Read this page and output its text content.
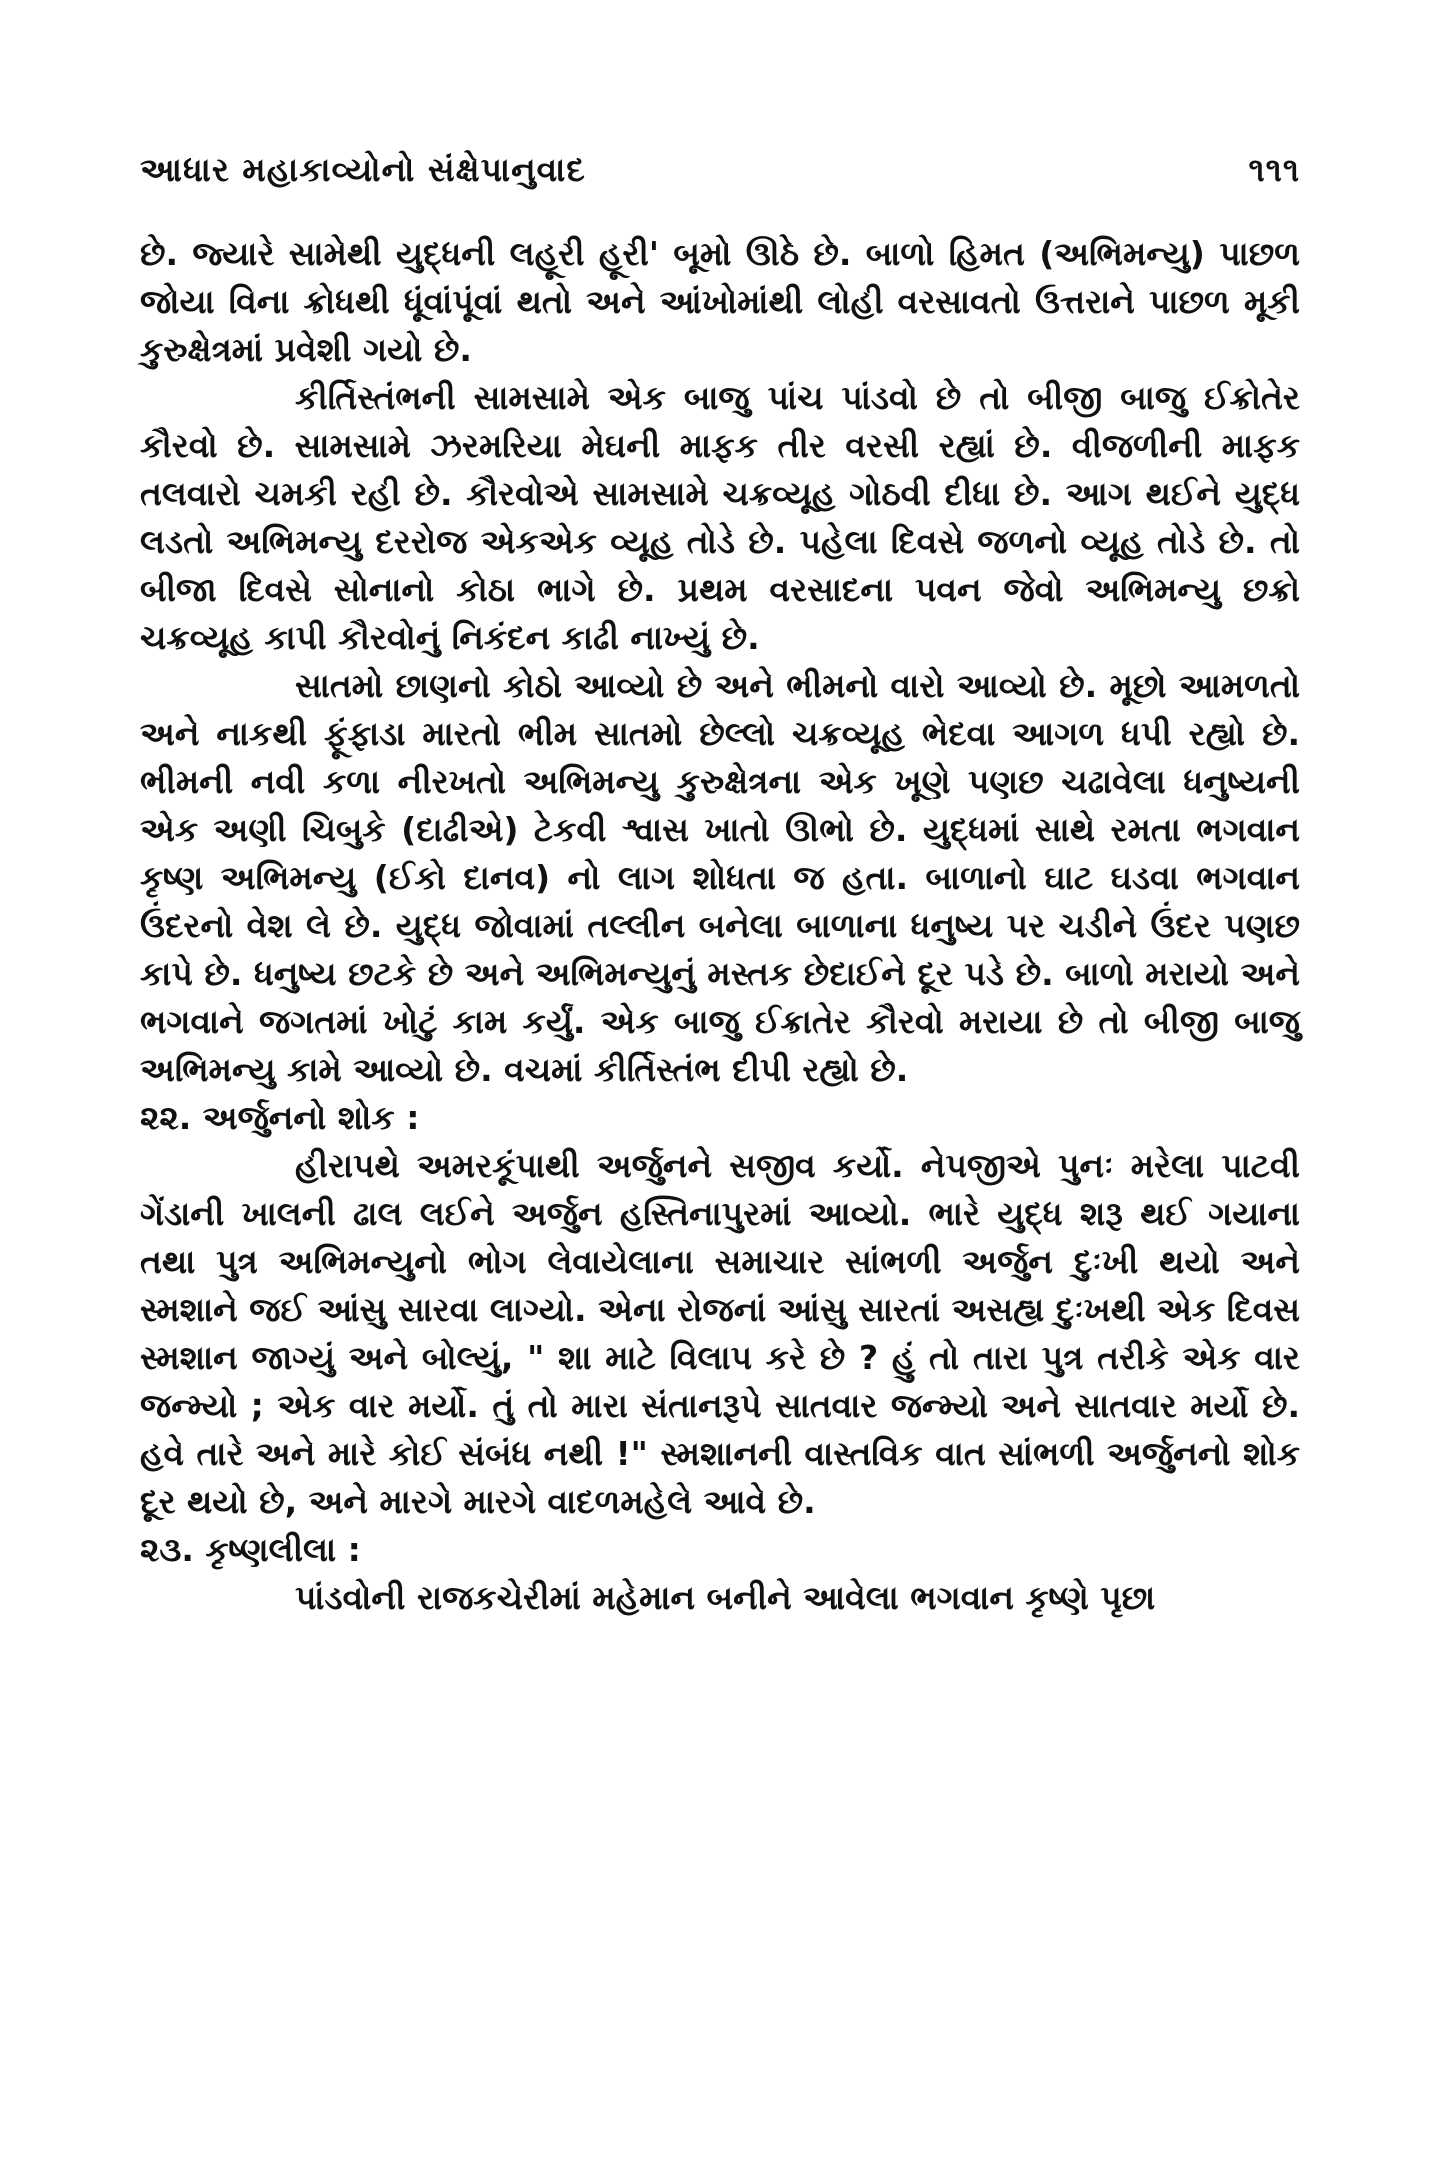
આધાર મહાકાવ્યોનો સંક્ષેપાનુવાદ	૧૧૧

છે. જ્યારે સામેથી યુદ્ધની લહૂરી હૂરી' બૂમો ઊઠે છે. બાળો હિમત (અભિમન્યુ) પાછળ જોયા વિના ક્રોધથી ધૂંવાંપૂંવાં થતો અને આંખોમાંથી લોહી વરસાવતો ઉત્તરાને પાછળ મૂકી કુરુક્ષેત્રમાં પ્રવેશી ગયો છે.

કીર્તિસ્તંભની સામસામે એક બાજુ પાંચ પાંડવો છે તો બીજી બાજુ ઈક્રોતેર કૌરવો છે. સામસામે ઝરમરિયા મેઘની માફક તીર વરસી રહ્યાં છે. વીજળીની માફક તલવારો ચમકી રહી છે. કૌરવોએ સામસામે ચક્રવ્યૂહ ગોઠવી દીધા છે. આગ થઈને યુદ્ધ લડતો અભિમન્યુ દરરોજ એકએક વ્યૂહ તોડે છે. પહેલા દિવસે જળનો વ્યૂહ તોડે છે. તો બીજા દિવસે સોનાનો કોઠા ભાગે છે. પ્રથમ વરસાદના પવન જેવો અભિમન્યુ છક્રો ચક્રવ્યૂહ કાપી કૌરવોનું નિકંદન કાઢી નાખ્યું છે.

સાતમો છાણનો કોઠો આવ્યો છે અને ભીમનો વારો આવ્યો છે. મૂછો આમળતો અને નાકથી ફૂંફાડા મારતો ભીમ સાતમો છેલ્લો ચક્રવ્યૂહ ભેદવા આગળ ધપી રહ્યો છે. ભીમની નવી કળા નીરખતો અભિમન્યુ કુરુક્ષેત્રના એક ખૂણે પણછ ચઢાવેલા ધનુષ્યની એક અણી ચિબુકે (દાઢીએ) ટેકવી શ્વાસ ખાતો ઊભો છે. યુદ્ધમાં સાથે રમતા ભગવાન કૃષ્ણ અભિમન્યુ (ઈકો દાનવ) નો લાગ શોધતા જ હતા. બાળાનો ઘાટ ઘડવા ભગવાન ઉંદરનો વેશ લે છે. યુદ્ધ જોવામાં તલ્લીન બનેલા બાળાના ધનુષ્ય પર ચડીને ઉંદર પણછ કાપે છે. ધનુષ્ય છટકે છે અને અભિમન્યુનું મસ્તક છેદાઈને દૂર પડે છે. બાળો મરાયો અને ભગવાને જગતમાં ખોટું કામ કર્યું. એક બાજુ ઈક્રાતેર કૌરવો મરાયા છે તો બીજી બાજુ અભિમન્યુ કામે આવ્યો છે. વચમાં કીર્તિસ્તંભ દીપી રહ્યો છે.

૨૨. અર્જુનનો શોક :

હીરાપથે અમરકૂંપાથી અર્જુનને સજીવ કર્યો. નેપજીએ પુનઃ મરેલા પાટવી ગેંડાની ખાલની ઢાલ લઈને અર્જુન હસ્તિનાપુરમાં આવ્યો. ભારે યુદ્ધ શરૂ થઈ ગયાના તથા પુત્ર અભિમન્યુનો ભોગ લેવાયેલાના સમાચાર સાંભળી અર્જુન દુઃખી થયો અને સ્મશાને જઈ આંસુ સારવા લાગ્યો. એના રોજનાં આંસુ સારતાં અસહ્ય દુઃખથી એક દિવસ સ્મશાન જાગ્યું અને બોલ્યું, " શા માટે વિલાપ કરે છે ? હું તો તારા પુત્ર તરીકે એક વાર જન્મ્યો ; એક વાર મર્યો. તું તો મારા સંતાનરૂપે સાતવાર જન્મ્યો અને સાતવાર મર્યો છે. હવે તારે અને મારે કોઈ સંબંધ નથી !" સ્મશાનની વાસ્તવિક વાત સાંભળી અર્જુનનો શોક દૂર થયો છે, અને મારગે મારગે વાદળમહેલે આવે છે.

૨૩. કૃષ્ણલીલા :

પાંડવોની રાજકચેરીમાં મહેમાન બનીને આવેલા ભગવાન કૃષ્ણે પૃછા
